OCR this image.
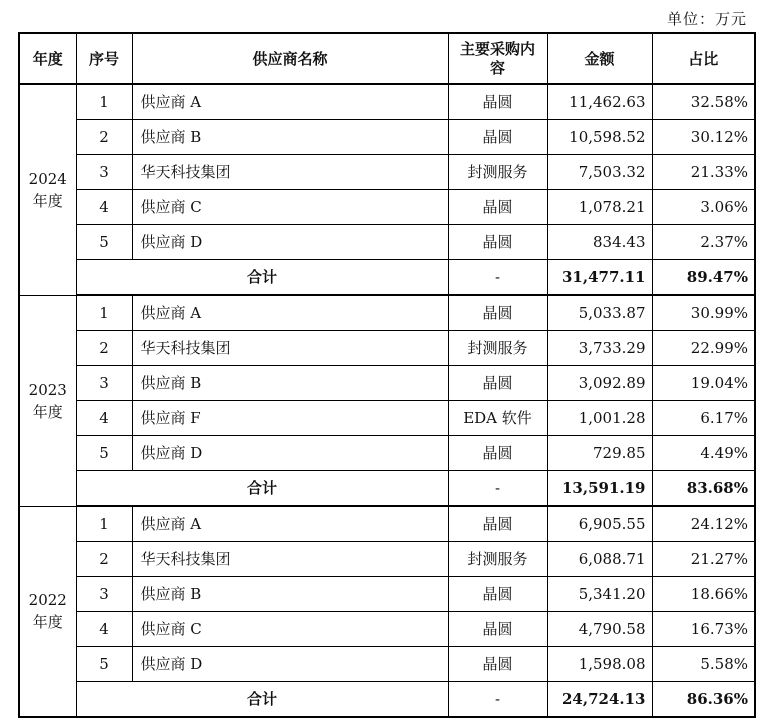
单位：万元
年度	序号	供应商名称	主要采购内容	金额	占比
2024年度	1	供应商 A	晶圆	11,462.63	32.58%
	2	供应商 B	晶圆	10,598.52	30.12%
	3	华天科技集团	封测服务	7,503.32	21.33%
	4	供应商 C	晶圆	1,078.21	3.06%
	5	供应商 D	晶圆	834.43	2.37%
	合计		-	31,477.11	89.47%
2023年度	1	供应商 A	晶圆	5,033.87	30.99%
	2	华天科技集团	封测服务	3,733.29	22.99%
	3	供应商 B	晶圆	3,092.89	19.04%
	4	供应商 F	EDA 软件	1,001.28	6.17%
	5	供应商 D	晶圆	729.85	4.49%
	合计		-	13,591.19	83.68%
2022年度	1	供应商 A	晶圆	6,905.55	24.12%
	2	华天科技集团	封测服务	6,088.71	21.27%
	3	供应商 B	晶圆	5,341.20	18.66%
	4	供应商 C	晶圆	4,790.58	16.73%
	5	供应商 D	晶圆	1,598.08	5.58%
	合计		-	24,724.13	86.36%
